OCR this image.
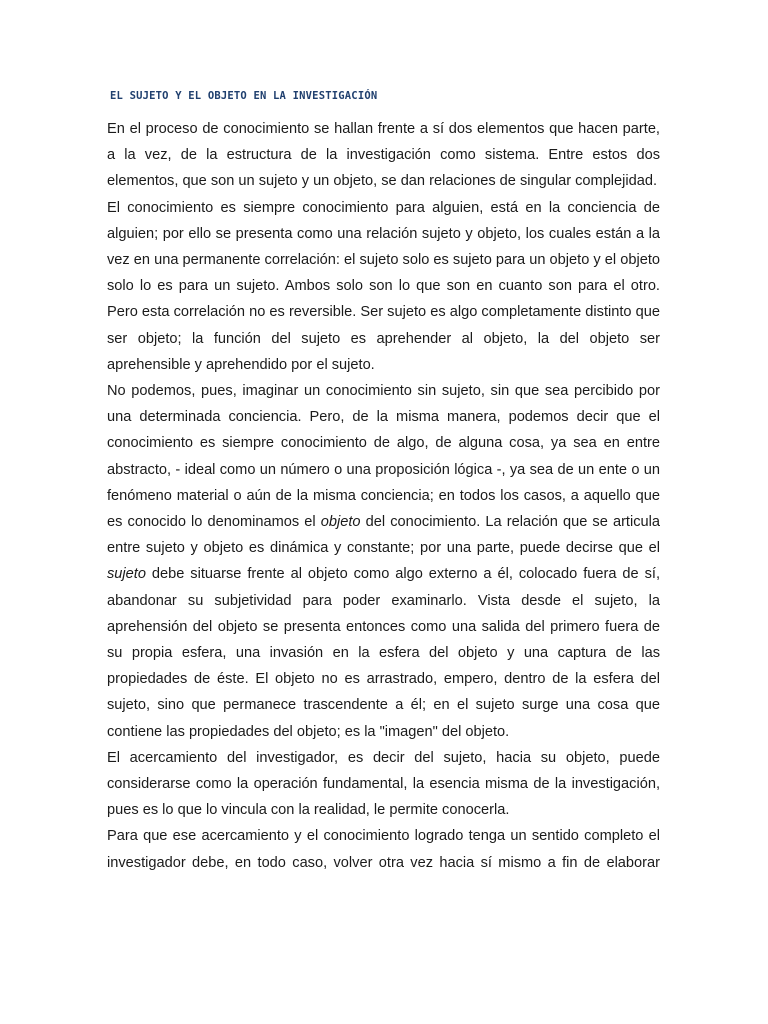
EL SUJETO Y EL OBJETO EN LA INVESTIGACIÓN

En el proceso de conocimiento se hallan frente a sí dos elementos que hacen parte, a la vez, de la estructura de la investigación como sistema. Entre estos dos elementos, que son un sujeto y un objeto, se dan relaciones de singular complejidad.

El conocimiento es siempre conocimiento para alguien, está en la conciencia de alguien; por ello se presenta como una relación sujeto y objeto, los cuales están a la vez en una permanente correlación: el sujeto solo es sujeto para un objeto y el objeto solo lo es para un sujeto. Ambos solo son lo que son en cuanto son para el otro. Pero esta correlación no es reversible. Ser sujeto es algo completamente distinto que ser objeto; la función del sujeto es aprehender al objeto, la del objeto ser aprehensible y aprehendido por el sujeto.

No podemos, pues, imaginar un conocimiento sin sujeto, sin que sea percibido por una determinada conciencia. Pero, de la misma manera, podemos decir que el conocimiento es siempre conocimiento de algo, de alguna cosa, ya sea en entre abstracto, - ideal como un número o una proposición lógica -, ya sea de un ente o un fenómeno material o aún de la misma conciencia; en todos los casos, a aquello que es conocido lo denominamos el objeto del conocimiento. La relación que se articula entre sujeto y objeto es dinámica y constante; por una parte, puede decirse que el sujeto debe situarse frente al objeto como algo externo a él, colocado fuera de sí, abandonar su subjetividad para poder examinarlo. Vista desde el sujeto, la aprehensión del objeto se presenta entonces como una salida del primero fuera de su propia esfera, una invasión en la esfera del objeto y una captura de las propiedades de éste. El objeto no es arrastrado, empero, dentro de la esfera del sujeto, sino que permanece trascendente a él; en el sujeto surge una cosa que contiene las propiedades del objeto; es la "imagen" del objeto.

El acercamiento del investigador, es decir del sujeto, hacia su objeto, puede considerarse como la operación fundamental, la esencia misma de la investigación, pues es lo que lo vincula con la realidad, le permite conocerla.

Para que ese acercamiento y el conocimiento logrado tenga un sentido completo el investigador debe, en todo caso, volver otra vez hacia sí mismo a fin de elaborar
